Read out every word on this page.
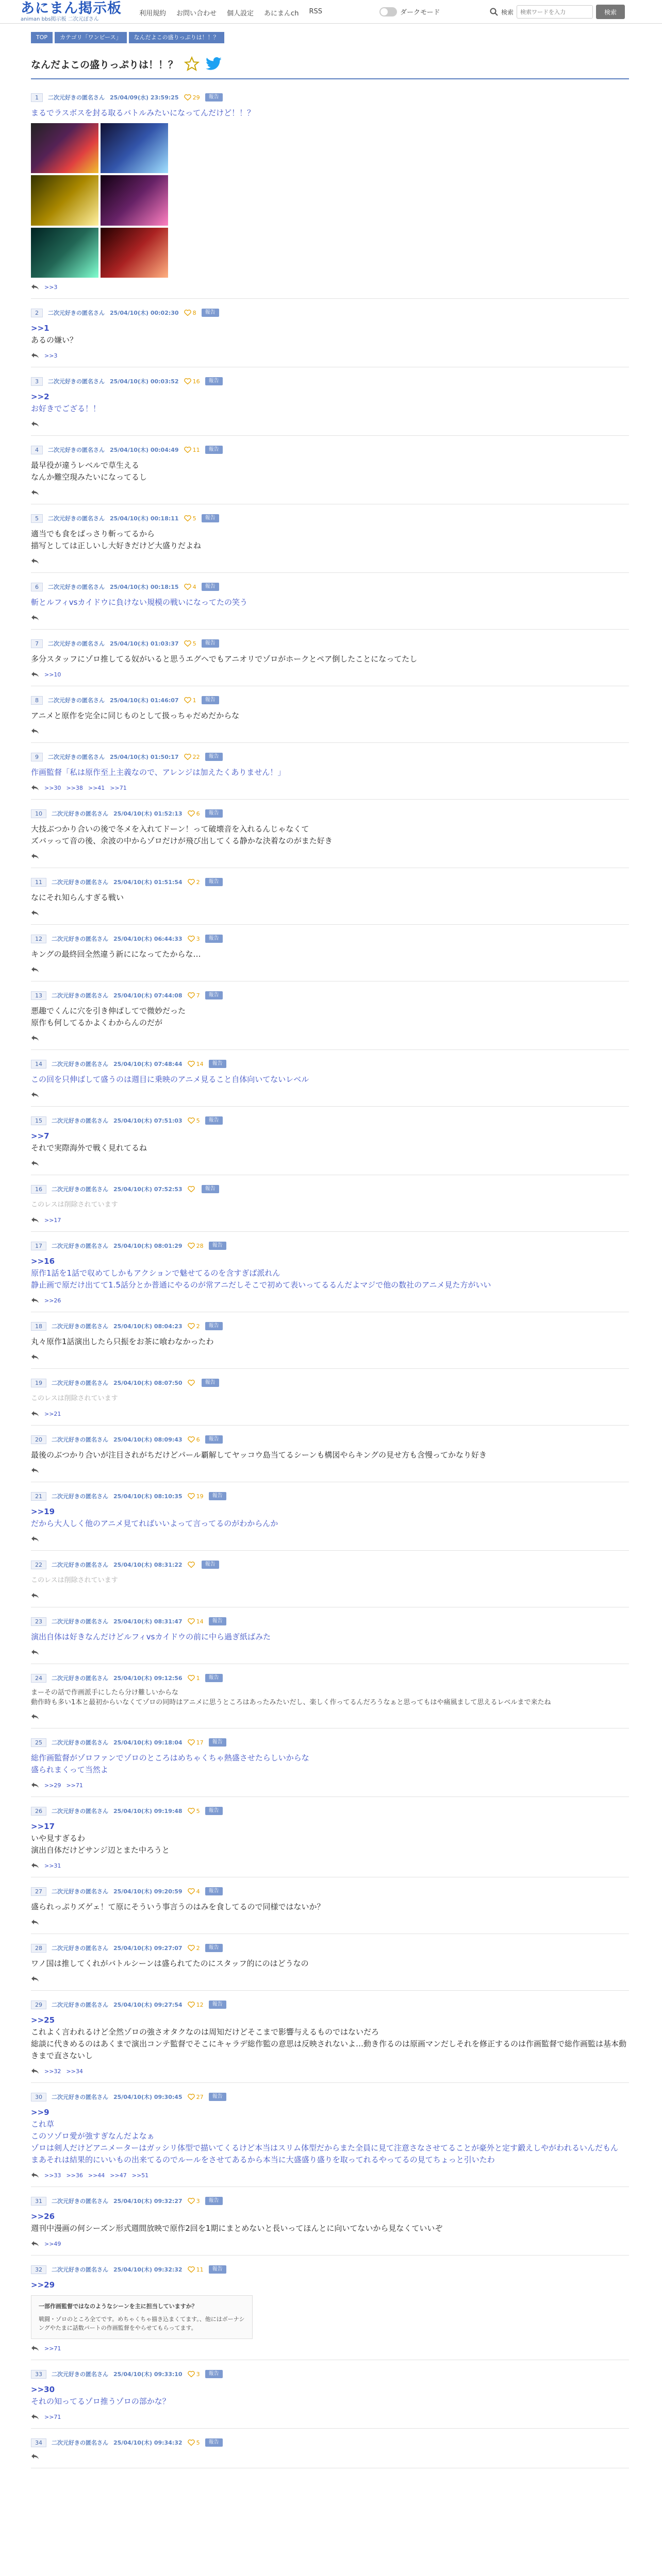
あにまん掲示板
animan bbs掲示板 二次元ぽさん
利用規約 お問い合わせ 個人設定 あにまんch RSS	ダークモード	検索
検索ワードを入力	検索
TOP	カテゴリ「ワンピース」	なんだよこの盛りっぷりは！！？
なんだよこの盛りっぷりは！！？
1	二次元好きの匿名さん 25/04/09(水) 23:59:25 29	報告
まるでラスボスを封る取るバトルみたいになってんだけど！！？
>>3
2	二次元好きの匿名さん 25/04/10(木) 00:02:30 8	報告
>>1
あるの嫌い？
>>3
3	二次元好きの匿名さん 25/04/10(木) 00:03:52 16	報告
>>2
お好きでござる！！
4	二次元好きの匿名さん 25/04/10(木) 00:04:49 11	報告
最早役が違うレベルで草生える
なんか難空現みたいになってるし
5	二次元好きの匿名さん 25/04/10(木) 00:18:11 5	報告
適当でも食をばっさり斬ってるから
描写としては正しいし大好きだけど大盛りだよね
6	二次元好きの匿名さん 25/04/10(木) 00:18:15 4	報告
斬とルフィvsカイドウに負けない規模の戦いになってたの笑う
7	二次元好きの匿名さん 25/04/10(木) 01:03:37 5	報告
多分スタッフにゾロ推してる奴がいると思うエグヘでもアニオリでゾロがホークとペア倒したことになってたし
>>10
8	二次元好きの匿名さん 25/04/10(木) 01:46:07 1	報告
アニメと原作を完全に同じものとして扱っちゃだめだからな
9	二次元好きの匿名さん 25/04/10(木) 01:50:17 22	報告
作画監督「私は原作至上主義なので、アレンジは加えたくありません！」
>>30 >>38 >>41 >>71
10	二次元好きの匿名さん 25/04/10(木) 01:52:13 6	報告
大技ぶつかり合いの後で冬メを入れてドーン！って破壊音を入れるんじゃなくて
ズバッって音の後、余波の中からゾロだけが飛び出してくる静かな決着なのがまた好き
11	二次元好きの匿名さん 25/04/10(木) 01:51:54 2	報告
なにそれ知らんすぎる戦い
12	二次元好きの匿名さん 25/04/10(木) 06:44:33 3	報告
キングの最終回全然違う新にになってたからな…
13	二次元好きの匿名さん 25/04/10(木) 07:44:08 7	報告
悪趣でくんに穴を引き伸ばしてで微妙だった
原作も何してるかよくわからんのだが
14	二次元好きの匿名さん 25/04/10(木) 07:48:44 14	報告
この回を只伸ばして盛うのは週目に乗映のアニメ見ること自体向いてないレベル
15	二次元好きの匿名さん 25/04/10(木) 07:51:03 5	報告
>>7
それで実際海外で戦く見れてるね
16	二次元好きの匿名さん 25/04/10(木) 07:52:53	報告
このレスは削除されています
>>17
17	二次元好きの匿名さん 25/04/10(木) 08:01:29 28	報告
>>16
原作1話を1話で収めてしかもアクションで魅せてるのを含すぎば派れん
静止画で原だけ出てて1.5話分とか普通にやるのが常アニだしそこで初めて表いってるるんだよマジで他の数社のアニメ見た方がいい
>>26
18	二次元好きの匿名さん 25/04/10(木) 08:04:23 2	報告
丸々原作1話演出したら只振をお茶に喰わなかったわ
19	二次元好きの匿名さん 25/04/10(木) 08:07:50	報告
このレスは削除されています
>>21
20	二次元好きの匿名さん 25/04/10(木) 08:09:43 6	報告
最後のぶつかり合いが注目されがちだけどパール覇解してヤッコウ島当てるシーンも構図やらキングの見せ方も含慢ってかなり好き
21	二次元好きの匿名さん 25/04/10(木) 08:10:35 19	報告
>>19
だから大人しく他のアニメ見てればいいよって言ってるのがわからんか
22	二次元好きの匿名さん 25/04/10(木) 08:31:22	報告
このレスは削除されています
23	二次元好きの匿名さん 25/04/10(木) 08:31:47 14	報告
演出自体は好きなんだけどルフィvsカイドウの前に中ら過ぎ紙ばみた
24	二次元好きの匿名さん 25/04/10(木) 09:12:56 1	報告
まーその話で作画派手にしたら分け難しいからな
動作時も多い1本と最初からいなくてゾロの同時はアニメに思うところはあったみたいだし、楽しく作ってるんだろうなぁと思ってもはや痛風まして思えるレベルまで来たね
25	二次元好きの匿名さん 25/04/10(木) 09:18:04 17	報告
総作画監督がゾロファンでゾロのところはめちゃくちゃ熱盛させたらしいからな
盛られまくって当然よ
>>29 >>71
26	二次元好きの匿名さん 25/04/10(木) 09:19:48 5	報告
>>17
いや見すぎるわ
演出自体だけどサンジ辺とまた中ろうと
>>31
27	二次元好きの匿名さん 25/04/10(木) 09:20:59 4	報告
盛られっぷりズゲェ！て原にそういう事言うのはみを食してるので同様ではないか？
28	二次元好きの匿名さん 25/04/10(木) 09:27:07 2	報告
ワノ国は推してくれがバトルシーンは盛られてたのにスタッフ的にのはどうなの
29	二次元好きの匿名さん 25/04/10(木) 09:27:54 12	報告
>>25
これよく言われるけど全然ゾロの強さオタクなのは周知だけどそこまで影響与えるものではないだろ
総談に代きめるのはあくまで演出コンテ監督でそこにキャラデ総作監の意思は反映されないよ…動き作るのは原画マンだしそれを修正するのは作画監督で総作画監は基本動きまで直さないし
>>32 >>34
30	二次元好きの匿名さん 25/04/10(木) 09:30:45 27	報告
>>9
これ草
このソゾロ愛が強すぎなんだよなぁ
ゾロは剣人だけどアニメーターはガッシリ体型で描いてくるけど本当はスリム体型だからまた全員に見て注意さなさせてることが豪外と定す鍛えしやがわれるいんだもん
まあそれは結果的にいいもの出来てるのでルールをさせてあるから本当に大盛盛り盛りを取ってれるやってるの見てちょっと引いたわ
>>33 >>36 >>44 >>47 >>51
31	二次元好きの匿名さん 25/04/10(木) 09:32:27 3	報告
>>26
週刊中漫画の何シーズン形式週間放映で原作2回を1期にまとめないと長いってほんとに向いてないから見なくていいぞ
>>49
32	二次元好きの匿名さん 25/04/10(木) 09:32:32 11	報告
>>29
一部作画監督ではなのようなシーンを主に担当していますか？
戦闘・ゾロのところ全てです。めちゃくちゃ描き込まくてます。、他にはボーナシングやたまに話数パートの作画監督をやらせてもらってます。
>>71
33	二次元好きの匿名さん 25/04/10(木) 09:33:10 3	報告
>>30
それの知ってるゾロ推うゾロの部かな？
>>71
34	二次元好きの匿名さん 25/04/10(木) 09:34:32 5	報告
